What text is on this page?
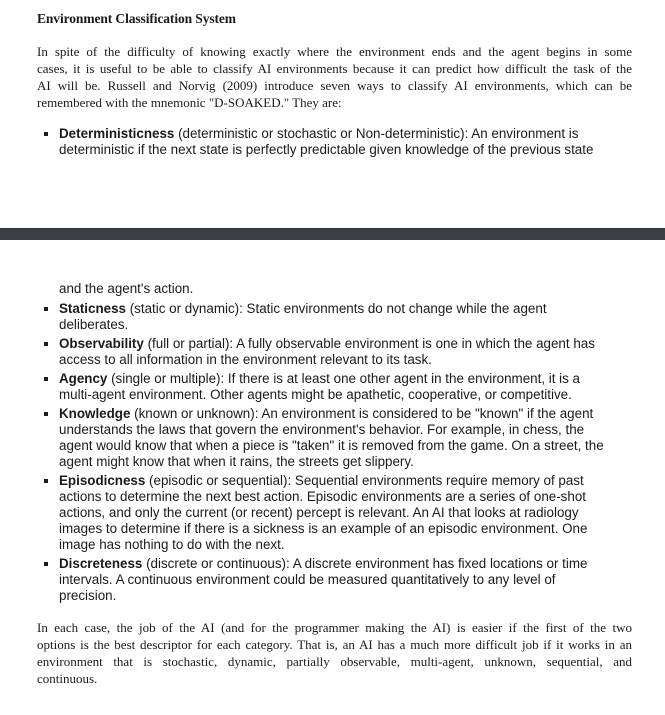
Environment Classification System
In spite of the difficulty of knowing exactly where the environment ends and the agent begins in some
cases, it is useful to be able to classify AI environments because it can predict how difficult the task of the
AI will be. Russell and Norvig (2009) introduce seven ways to classify AI environments, which can be
remembered with the mnemonic "D-SOAKED." They are:
Deterministicness (deterministic or stochastic or Non-deterministic): An environment is
deterministic if the next state is perfectly predictable given knowledge of the previous state
and the agent's action.
Staticness (static or dynamic): Static environments do not change while the agent
deliberates.
Observability (full or partial): A fully observable environment is one in which the agent has
access to all information in the environment relevant to its task.
Agency (single or multiple): If there is at least one other agent in the environment, it is a
multi-agent environment. Other agents might be apathetic, cooperative, or competitive.
Knowledge (known or unknown): An environment is considered to be "known" if the agent
understands the laws that govern the environment's behavior. For example, in chess, the
agent would know that when a piece is "taken" it is removed from the game. On a street, the
agent might know that when it rains, the streets get slippery.
Episodicness (episodic or sequential): Sequential environments require memory of past
actions to determine the next best action. Episodic environments are a series of one-shot
actions, and only the current (or recent) percept is relevant. An AI that looks at radiology
images to determine if there is a sickness is an example of an episodic environment. One
image has nothing to do with the next.
Discreteness (discrete or continuous): A discrete environment has fixed locations or time
intervals. A continuous environment could be measured quantitatively to any level of
precision.
In each case, the job of the AI (and for the programmer making the AI) is easier if the first of the two
options is the best descriptor for each category. That is, an AI has a much more difficult job if it works in an
environment that is stochastic, dynamic, partially observable, multi-agent, unknown, sequential, and
continuous.
